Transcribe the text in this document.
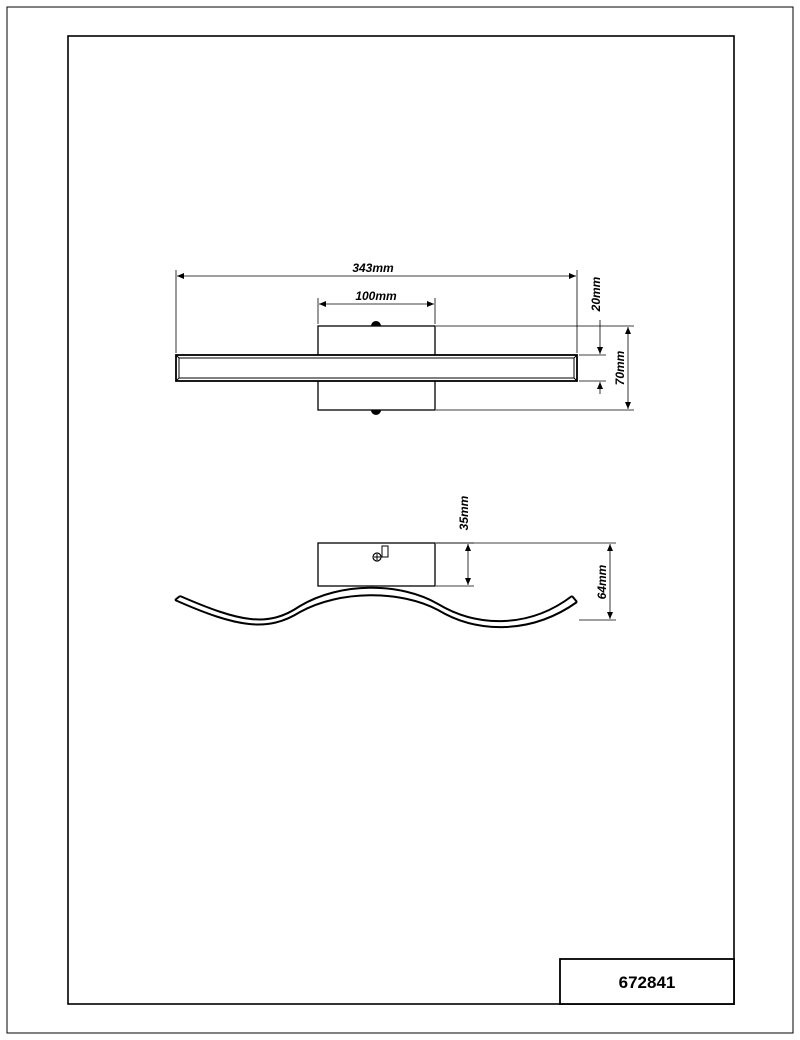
343mm
100mm	20mm
70mm
35mm
64mm
672841
